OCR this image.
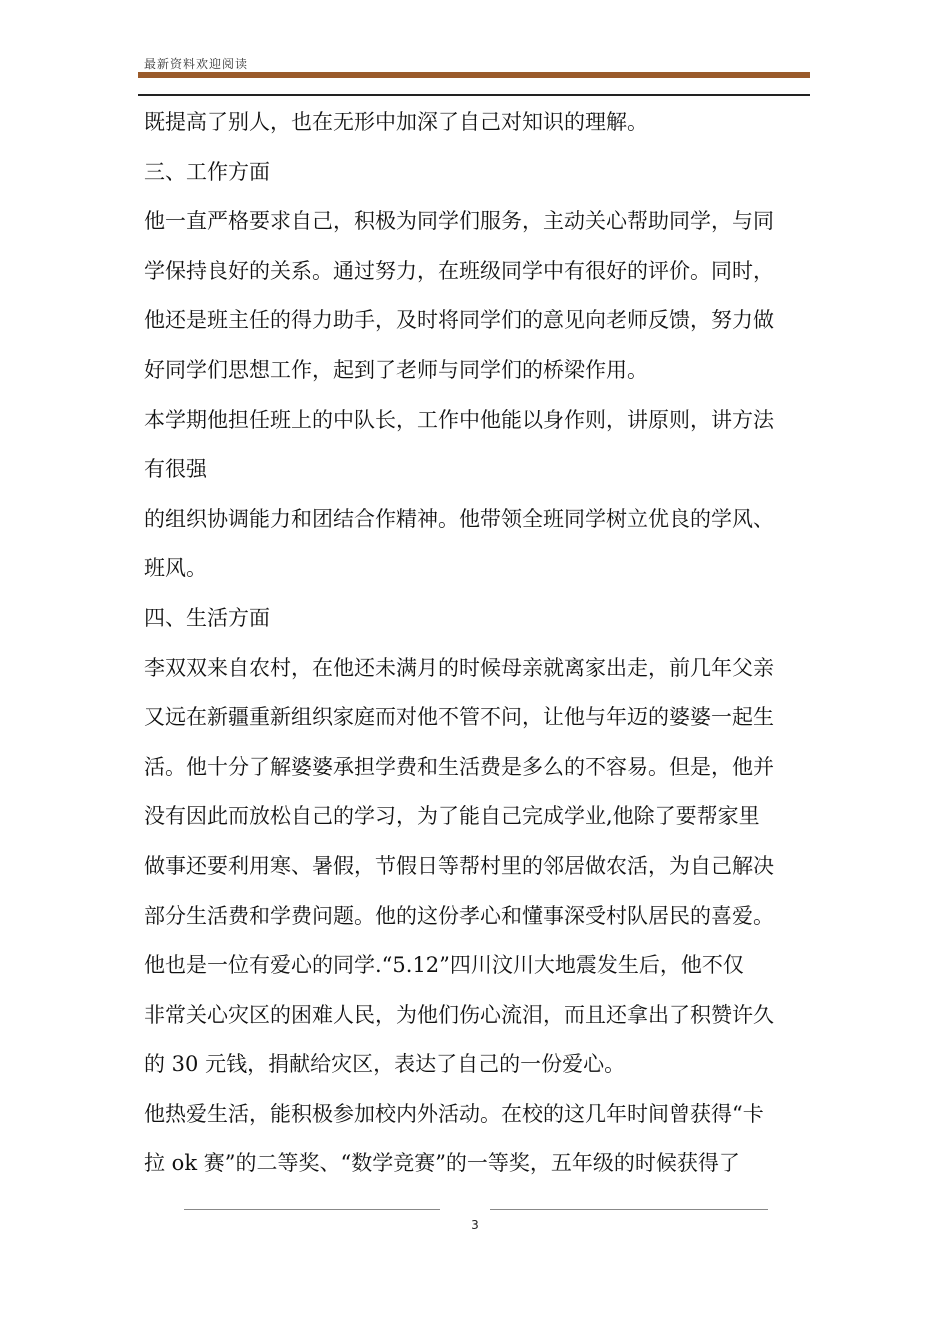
最新资料欢迎阅读
既提高了别人，也在无形中加深了自己对知识的理解。
三、工作方面
他一直严格要求自己，积极为同学们服务，主动关心帮助同学，与同
学保持良好的关系。通过努力，在班级同学中有很好的评价。同时，
他还是班主任的得力助手，及时将同学们的意见向老师反馈，努力做
好同学们思想工作，起到了老师与同学们的桥梁作用。
本学期他担任班上的中队长，工作中他能以身作则，讲原则，讲方法
有很强
的组织协调能力和团结合作精神。他带领全班同学树立优良的学风、
班风。
四、生活方面
李双双来自农村，在他还未满月的时候母亲就离家出走，前几年父亲
又远在新疆重新组织家庭而对他不管不问，让他与年迈的婆婆一起生
活。他十分了解婆婆承担学费和生活费是多么的不容易。但是，他并
没有因此而放松自己的学习，为了能自己完成学业,他除了要帮家里
做事还要利用寒、暑假，节假日等帮村里的邻居做农活，为自己解决
部分生活费和学费问题。他的这份孝心和懂事深受村队居民的喜爱。
他也是一位有爱心的同学.“5.12”四川汶川大地震发生后，他不仅
非常关心灾区的困难人民，为他们伤心流泪，而且还拿出了积赞许久
的 30 元钱，捐献给灾区，表达了自己的一份爱心。
他热爱生活，能积极参加校内外活动。在校的这几年时间曾获得“卡
拉 ok 赛”的二等奖、“数学竞赛”的一等奖，五年级的时候获得了
3
